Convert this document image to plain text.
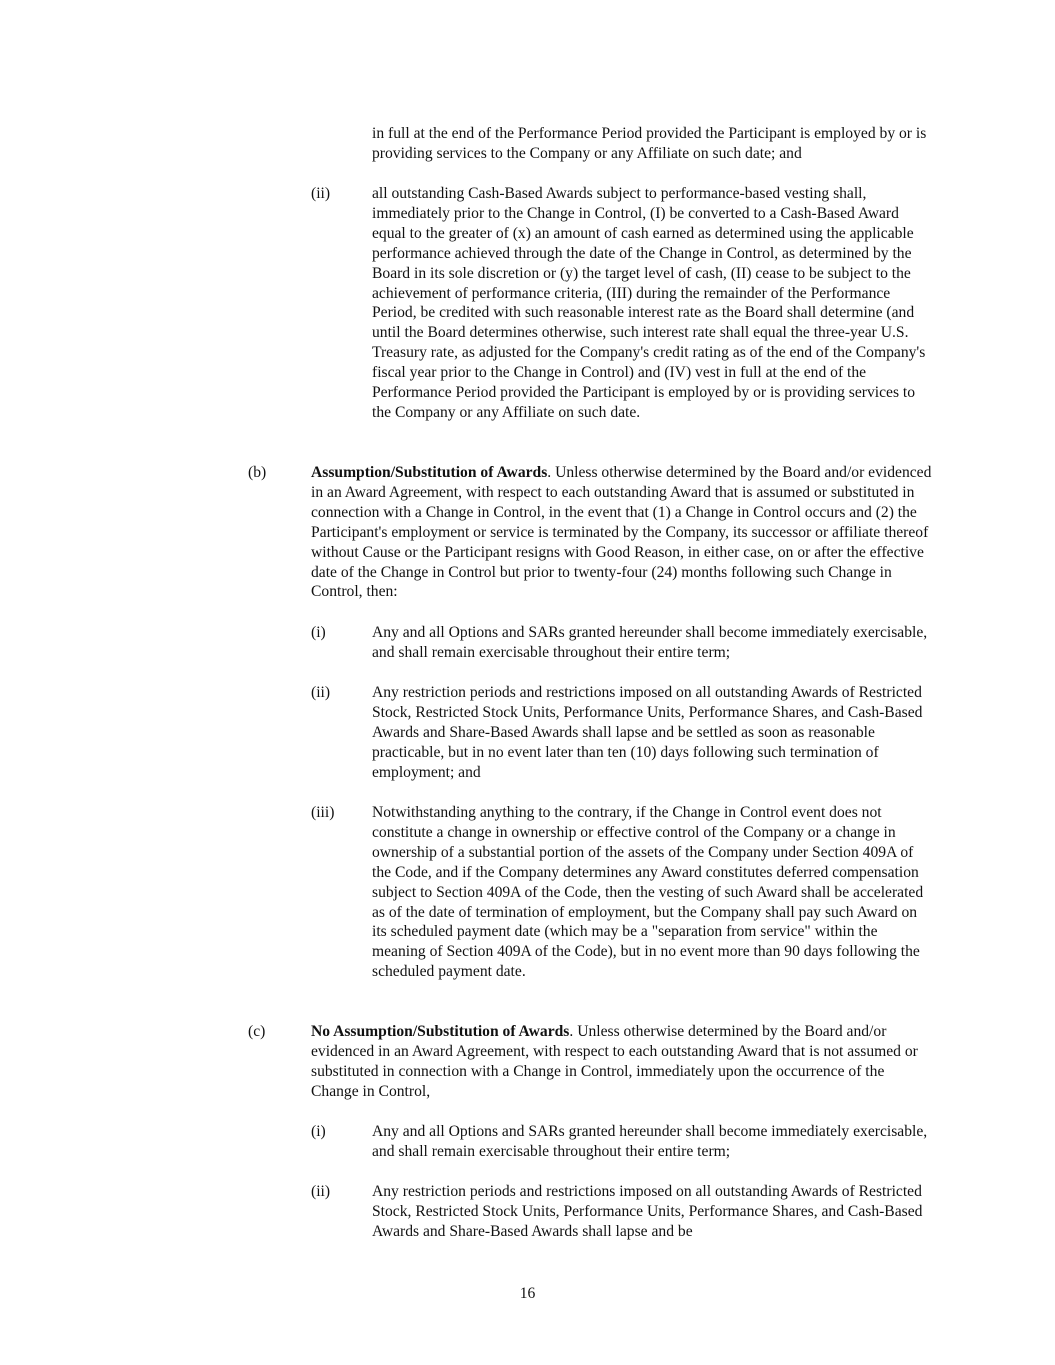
in full at the end of the Performance Period provided the Participant is employed by or is providing services to the Company or any Affiliate on such date; and

(ii)	all outstanding Cash-Based Awards subject to performance-based vesting shall, immediately prior to the Change in Control, (I) be converted to a Cash-Based Award equal to the greater of (x) an amount of cash earned as determined using the applicable performance achieved through the date of the Change in Control, as determined by the Board in its sole discretion or (y) the target level of cash, (II) cease to be subject to the achievement of performance criteria, (III) during the remainder of the Performance Period, be credited with such reasonable interest rate as the Board shall determine (and until the Board determines otherwise, such interest rate shall equal the three-year U.S. Treasury rate, as adjusted for the Company's credit rating as of the end of the Company's fiscal year prior to the Change in Control) and (IV) vest in full at the end of the Performance Period provided the Participant is employed by or is providing services to the Company or any Affiliate on such date.

(b)	Assumption/Substitution of Awards. Unless otherwise determined by the Board and/or evidenced in an Award Agreement, with respect to each outstanding Award that is assumed or substituted in connection with a Change in Control, in the event that (1) a Change in Control occurs and (2) the Participant's employment or service is terminated by the Company, its successor or affiliate thereof without Cause or the Participant resigns with Good Reason, in either case, on or after the effective date of the Change in Control but prior to twenty-four (24) months following such Change in Control, then:

(i)	Any and all Options and SARs granted hereunder shall become immediately exercisable, and shall remain exercisable throughout their entire term;

(ii)	Any restriction periods and restrictions imposed on all outstanding Awards of Restricted Stock, Restricted Stock Units, Performance Units, Performance Shares, and Cash-Based Awards and Share-Based Awards shall lapse and be settled as soon as reasonable practicable, but in no event later than ten (10) days following such termination of employment; and

(iii) Notwithstanding anything to the contrary, if the Change in Control event does not constitute a change in ownership or effective control of the Company or a change in ownership of a substantial portion of the assets of the Company under Section 409A of the Code, and if the Company determines any Award constitutes deferred compensation subject to Section 409A of the Code, then the vesting of such Award shall be accelerated as of the date of termination of employment, but the Company shall pay such Award on its scheduled payment date (which may be a "separation from service" within the meaning of Section 409A of the Code), but in no event more than 90 days following the scheduled payment date.

(c)	No Assumption/Substitution of Awards. Unless otherwise determined by the Board and/or evidenced in an Award Agreement, with respect to each outstanding Award that is not assumed or substituted in connection with a Change in Control, immediately upon the occurrence of the Change in Control,

(i)	Any and all Options and SARs granted hereunder shall become immediately exercisable, and shall remain exercisable throughout their entire term;

(ii)	Any restriction periods and restrictions imposed on all outstanding Awards of Restricted Stock, Restricted Stock Units, Performance Units, Performance Shares, and Cash-Based Awards and Share-Based Awards shall lapse and be

16
